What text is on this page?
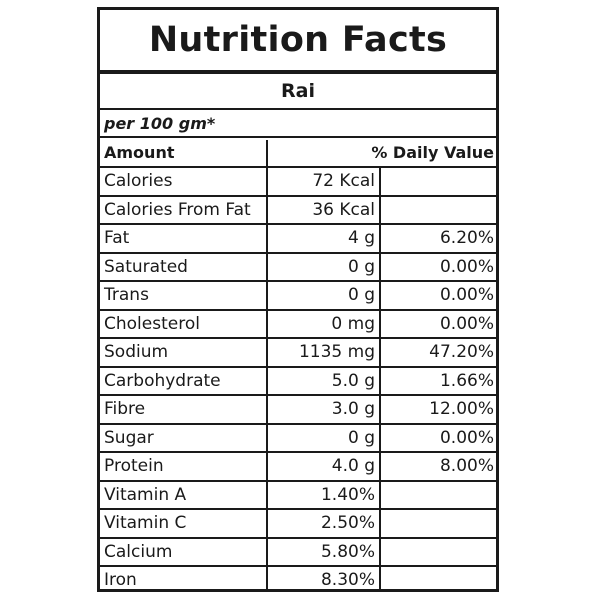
Nutrition Facts
Rai
per 100 gm*
Amount	% Daily Value
Calories	72 Kcal
Calories From Fat	36 Kcal
Fat	4 g	6.20%
Saturated	0 g	0.00%
Trans	0 g	0.00%
Cholesterol	0 mg	0.00%
Sodium	1135 mg	47.20%
Carbohydrate	5.0 g	1.66%
Fibre	3.0 g	12.00%
Sugar	0 g	0.00%
Protein	4.0 g	8.00%
Vitamin A	1.40%
Vitamin C	2.50%
Calcium	5.80%
Iron	8.30%
